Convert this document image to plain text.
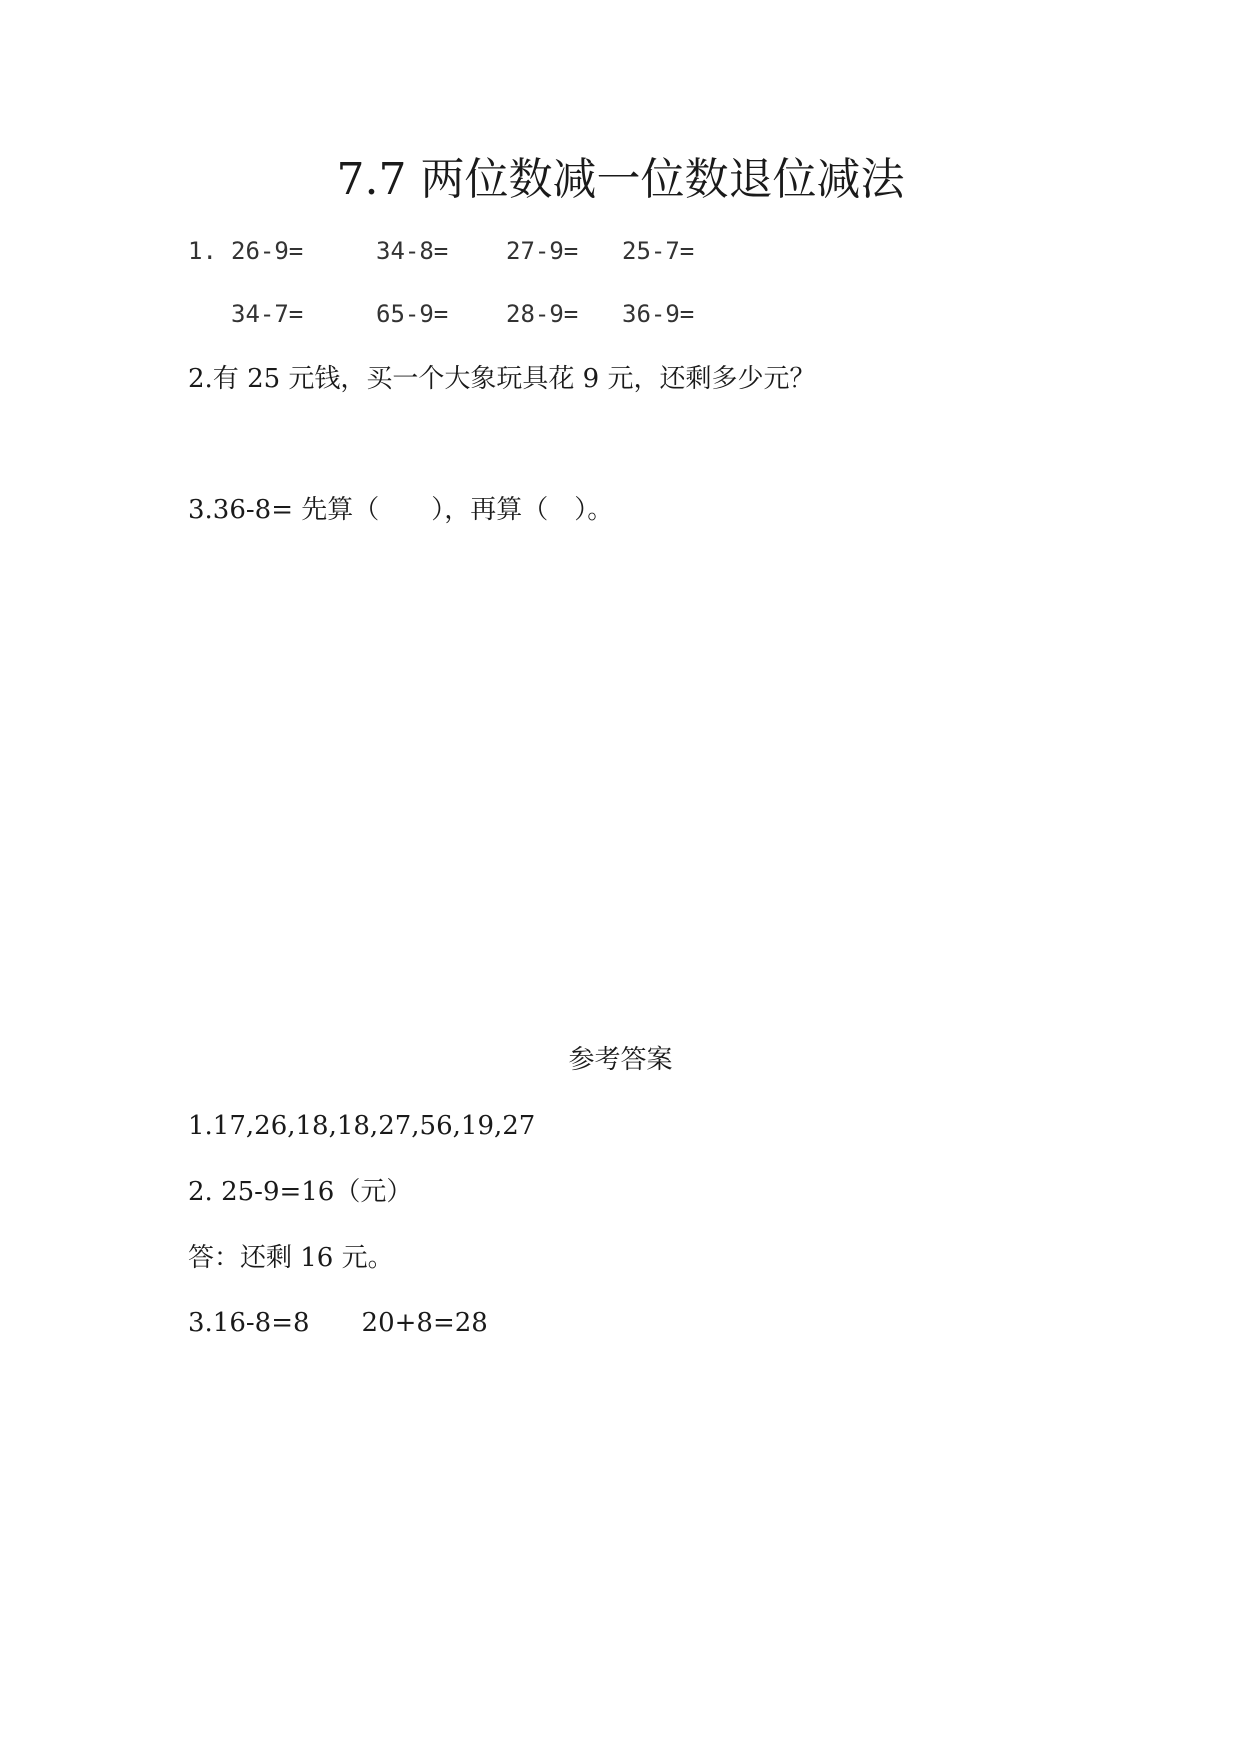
7.7 两位数减一位数退位减法
1. 26-9=	34-8= 27-9= 25-7=
34-7=	65-9= 28-9= 36-9=
2.有 25 元钱，买一个大象玩具花 9 元，还剩多少元？
3.36-8= 先算（　　），再算（　）。
参考答案
1.17,26,18,18,27,56,19,27
2. 25-9=16（元）
答：还剩 16 元。
3.16-8=8　　20+8=28
